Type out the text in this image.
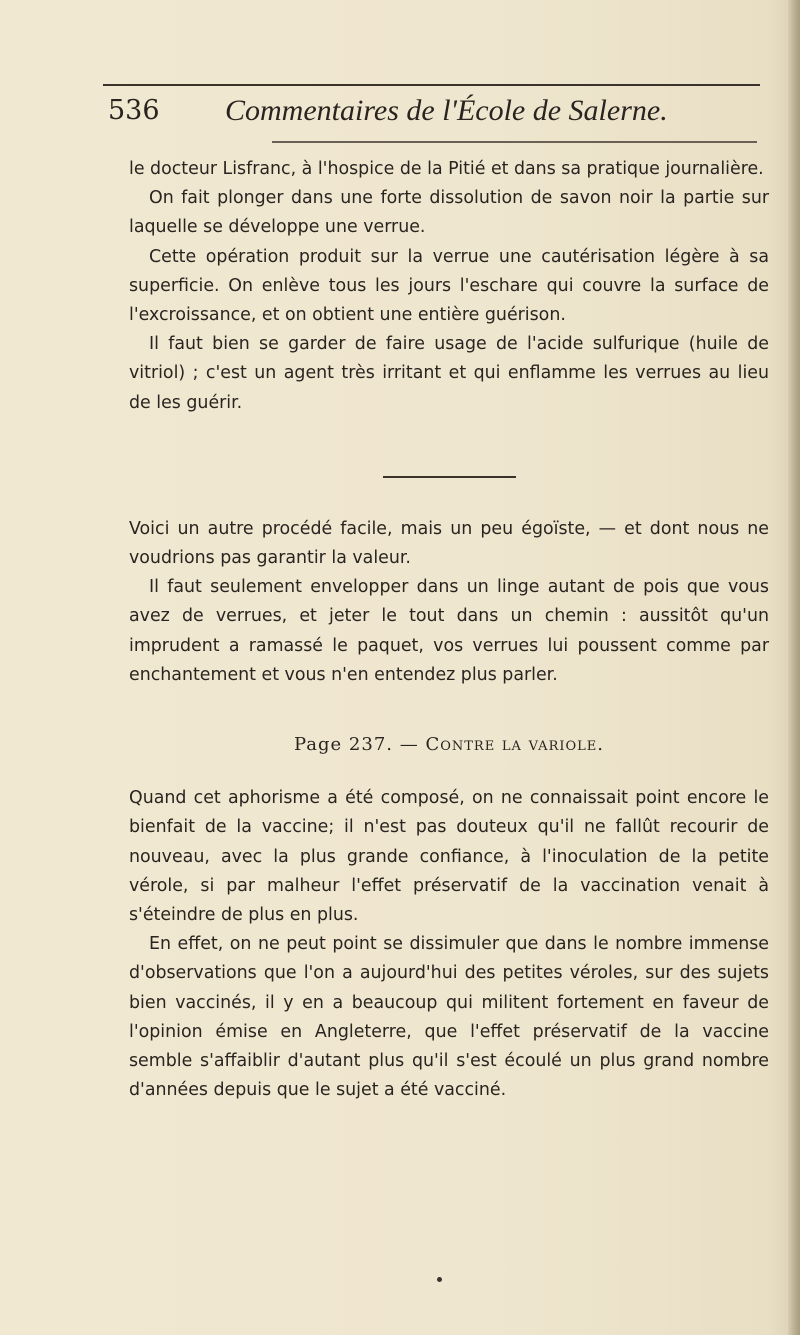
536 Commentaires de l'École de Salerne.

le docteur Lisfranc, à l'hospice de la Pitié et dans sa pratique journalière.

On fait plonger dans une forte dissolution de savon noir la partie sur laquelle se développe une verrue.

Cette opération produit sur la verrue une cautérisation légère à sa superficie. On enlève tous les jours l'eschare qui couvre la surface de l'excroissance, et on obtient une entière guérison.

Il faut bien se garder de faire usage de l'acide sulfurique (huile de vitriol) ; c'est un agent très irritant et qui enflamme les verrues au lieu de les guérir.

Voici un autre procédé facile, mais un peu égoïste, — et dont nous ne voudrions pas garantir la valeur.

Il faut seulement envelopper dans un linge autant de pois que vous avez de verrues, et jeter le tout dans un chemin : aussitôt qu'un imprudent a ramassé le paquet, vos verrues lui poussent comme par enchantement et vous n'en entendez plus parler.

Page 237. — Contre la variole.

Quand cet aphorisme a été composé, on ne connaissait point encore le bienfait de la vaccine; il n'est pas douteux qu'il ne fallût recourir de nouveau, avec la plus grande confiance, à l'inoculation de la petite vérole, si par malheur l'effet préservatif de la vaccination venait à s'éteindre de plus en plus.

En effet, on ne peut point se dissimuler que dans le nombre immense d'observations que l'on a aujourd'hui des petites véroles, sur des sujets bien vaccinés, il y en a beaucoup qui militent fortement en faveur de l'opinion émise en Angleterre, que l'effet préservatif de la vaccine semble s'affaiblir d'autant plus qu'il s'est écoulé un plus grand nombre d'années depuis que le sujet a été vacciné.
